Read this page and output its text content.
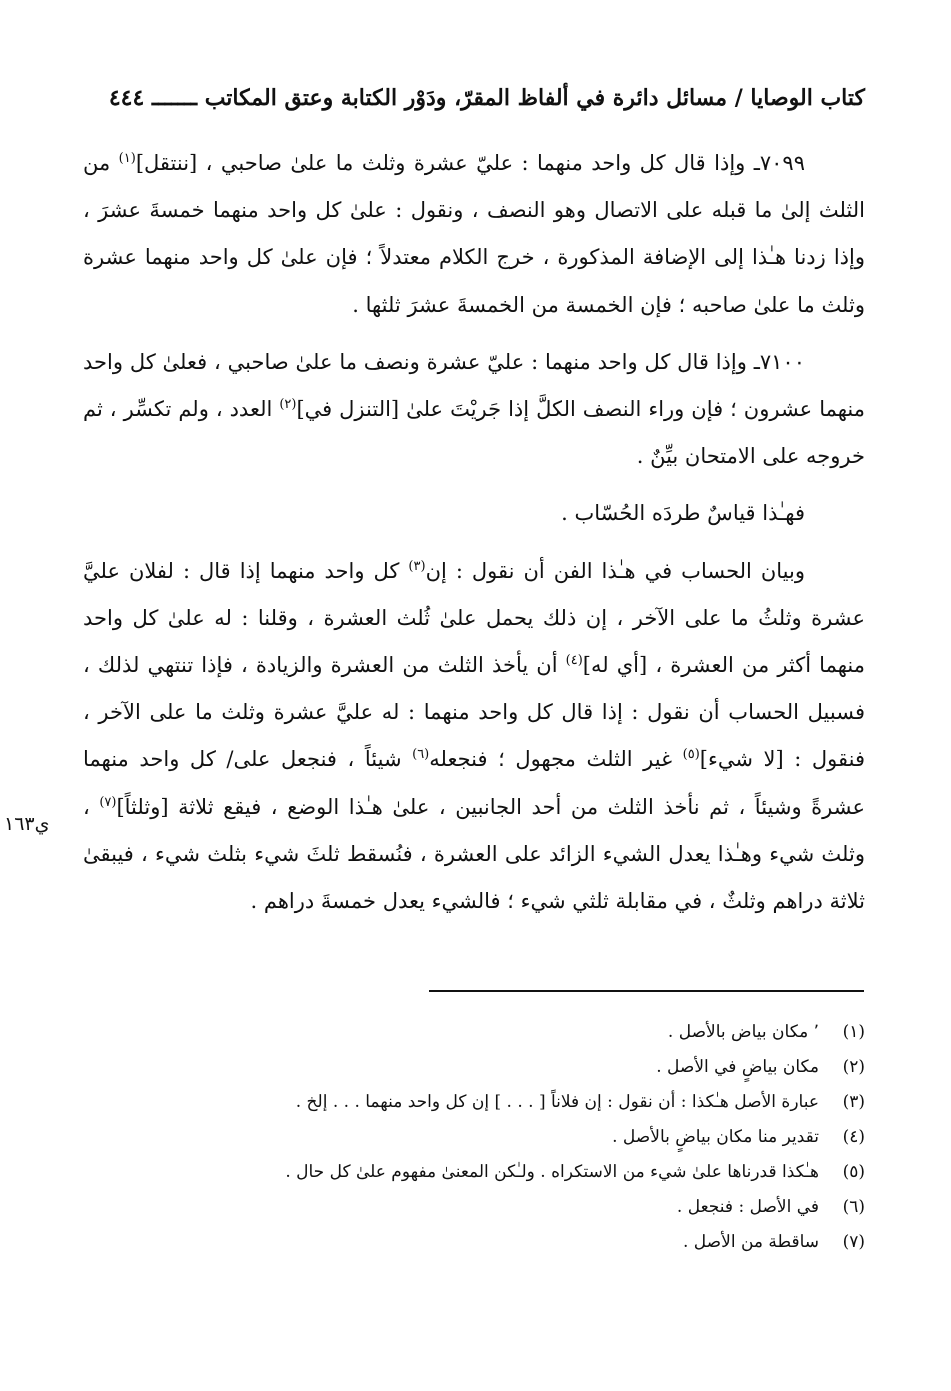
كتاب الوصايا / مسائل دائرة في ألفاظ المقرّ، ودَوْر الكتابة وعتق المكاتب ـــــــ ٤٤٤

٧٠٩٩ـ وإذا قال كل واحد منهما : عليّ عشرة وثلث ما علىٰ صاحبي ، [ننتقل]$^{(١)}$ من الثلث إلىٰ ما قبله على الاتصال وهو النصف ، ونقول : علىٰ كل واحد منهما خمسةَ عشرَ ، وإذا زدنا هـٰذا إلى الإضافة المذكورة ، خرج الكلام معتدلاً ؛ فإن علىٰ كل واحد منهما عشرة وثلث ما علىٰ صاحبه ؛ فإن الخمسة من الخمسةَ عشرَ ثلثها .

٧١٠٠ـ وإذا قال كل واحد منهما : عليّ عشرة ونصف ما علىٰ صاحبي ، فعلىٰ كل واحد منهما عشرون ؛ فإن وراء النصف الكلَّ إذا جَريْتَ علىٰ [التنزل في]$^{(٢)}$ العدد ، ولم تكسِّر ، ثم خروجه على الامتحان بيِّنٌ .

فهـٰذا قياسٌ طردَه الحُسّاب .

وبيان الحساب في هـٰذا الفن أن نقول : إن$^{(٣)}$ كل واحد منهما إذا قال : لفلان عليَّ عشرة وثلثُ ما على الآخر ، إن ذلك يحمل علىٰ ثُلث العشرة ، وقلنا : له علىٰ كل واحد منهما أكثر من العشرة ، [أي له]$^{(٤)}$ أن يأخذ الثلث من العشرة والزيادة ، فإذا تنتهي لذلك ، فسبيل الحساب أن نقول : إذا قال كل واحد منهما : له عليَّ عشرة وثلث ما على الآخر ، فنقول : [لا شيء]$^{(٥)}$ غير الثلث مجهول ؛ فنجعله$^{(٦)}$ شيئاً ، فنجعل على/ كل واحد منهما عشرةً وشيئاً ، ثم نأخذ الثلث من أحد الجانبين ، علىٰ هـٰذا الوضع ، فيقع ثلاثة [وثلثاً]$^{(٧)}$ ، وثلث شيء وهـٰذا يعدل الشيء الزائد على العشرة ، فنُسقط ثلثَ شيء بثلث شيء ، فيبقىٰ ثلاثة دراهم وثلثٌ ، في مقابلة ثلثي شيء ؛ فالشيء يعدل خمسةَ دراهم .

ي١٦٣
(١)٬ مكان بياض بالأصل .
(٢)مكان بياضٍ في الأصل .
(٣)عبارة الأصل هـٰكذا : أن نقول : إن فلاناً [ . . . ] إن كل واحد منهما . . . إلخ .
(٤)تقدير منا مكان بياضٍ بالأصل .
(٥)هـٰكذا قدرناها علىٰ شيء من الاستكراه . ولـٰكن المعنىٰ مفهوم علىٰ كل حال .
(٦)في الأصل : فنجعل .
(٧)ساقطة من الأصل .
